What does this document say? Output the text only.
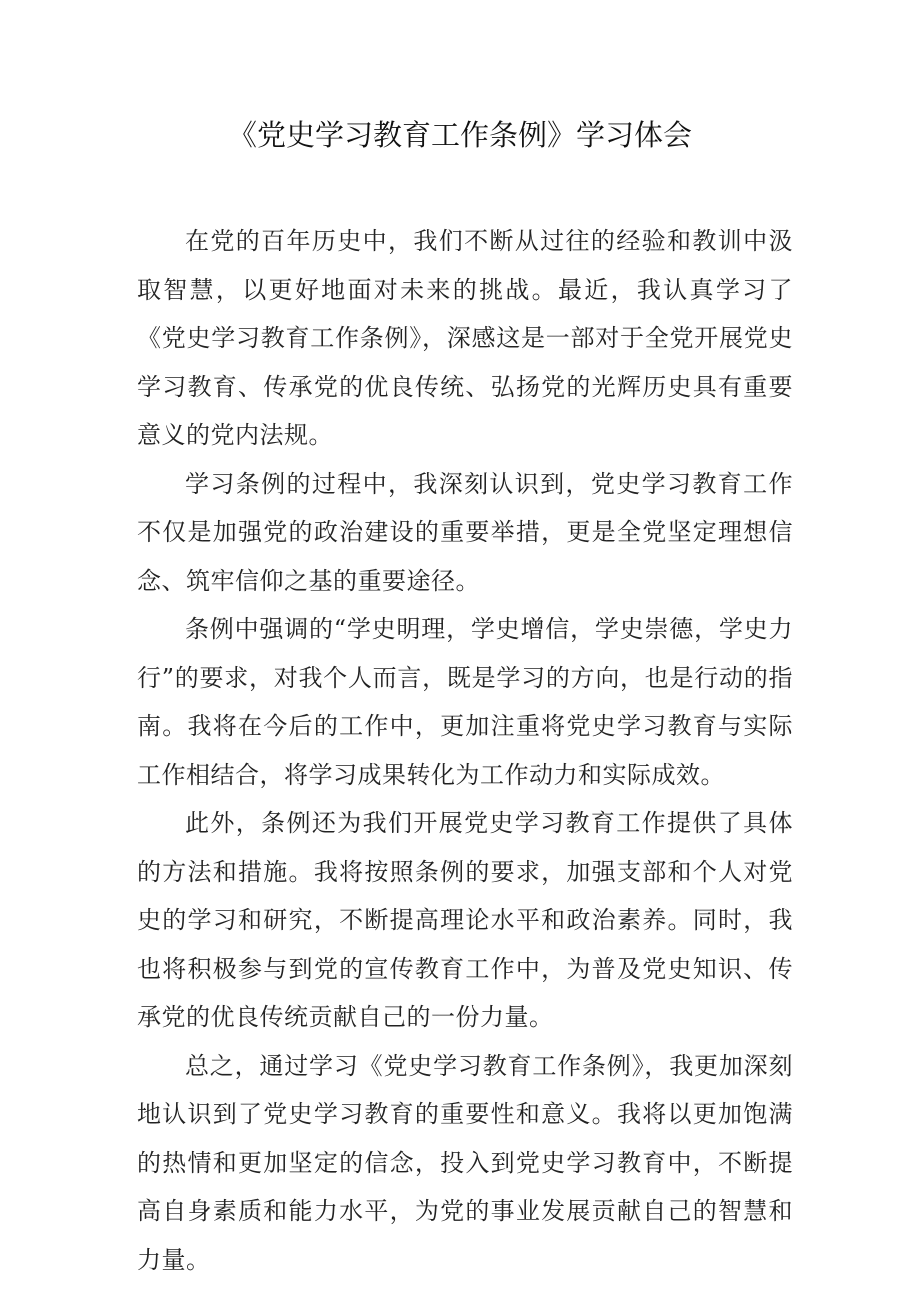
《党史学习教育工作条例》学习体会

在党的百年历史中，我们不断从过往的经验和教训中汲取智慧，以更好地面对未来的挑战。最近，我认真学习了《党史学习教育工作条例》，深感这是一部对于全党开展党史学习教育、传承党的优良传统、弘扬党的光辉历史具有重要意义的党内法规。

学习条例的过程中，我深刻认识到，党史学习教育工作不仅是加强党的政治建设的重要举措，更是全党坚定理想信念、筑牢信仰之基的重要途径。

条例中强调的“学史明理，学史增信，学史崇德，学史力行”的要求，对我个人而言，既是学习的方向，也是行动的指南。我将在今后的工作中，更加注重将党史学习教育与实际工作相结合，将学习成果转化为工作动力和实际成效。

此外，条例还为我们开展党史学习教育工作提供了具体的方法和措施。我将按照条例的要求，加强支部和个人对党史的学习和研究，不断提高理论水平和政治素养。同时，我也将积极参与到党的宣传教育工作中，为普及党史知识、传承党的优良传统贡献自己的一份力量。

总之，通过学习《党史学习教育工作条例》，我更加深刻地认识到了党史学习教育的重要性和意义。我将以更加饱满的热情和更加坚定的信念，投入到党史学习教育中，不断提高自身素质和能力水平，为党的事业发展贡献自己的智慧和力量。
